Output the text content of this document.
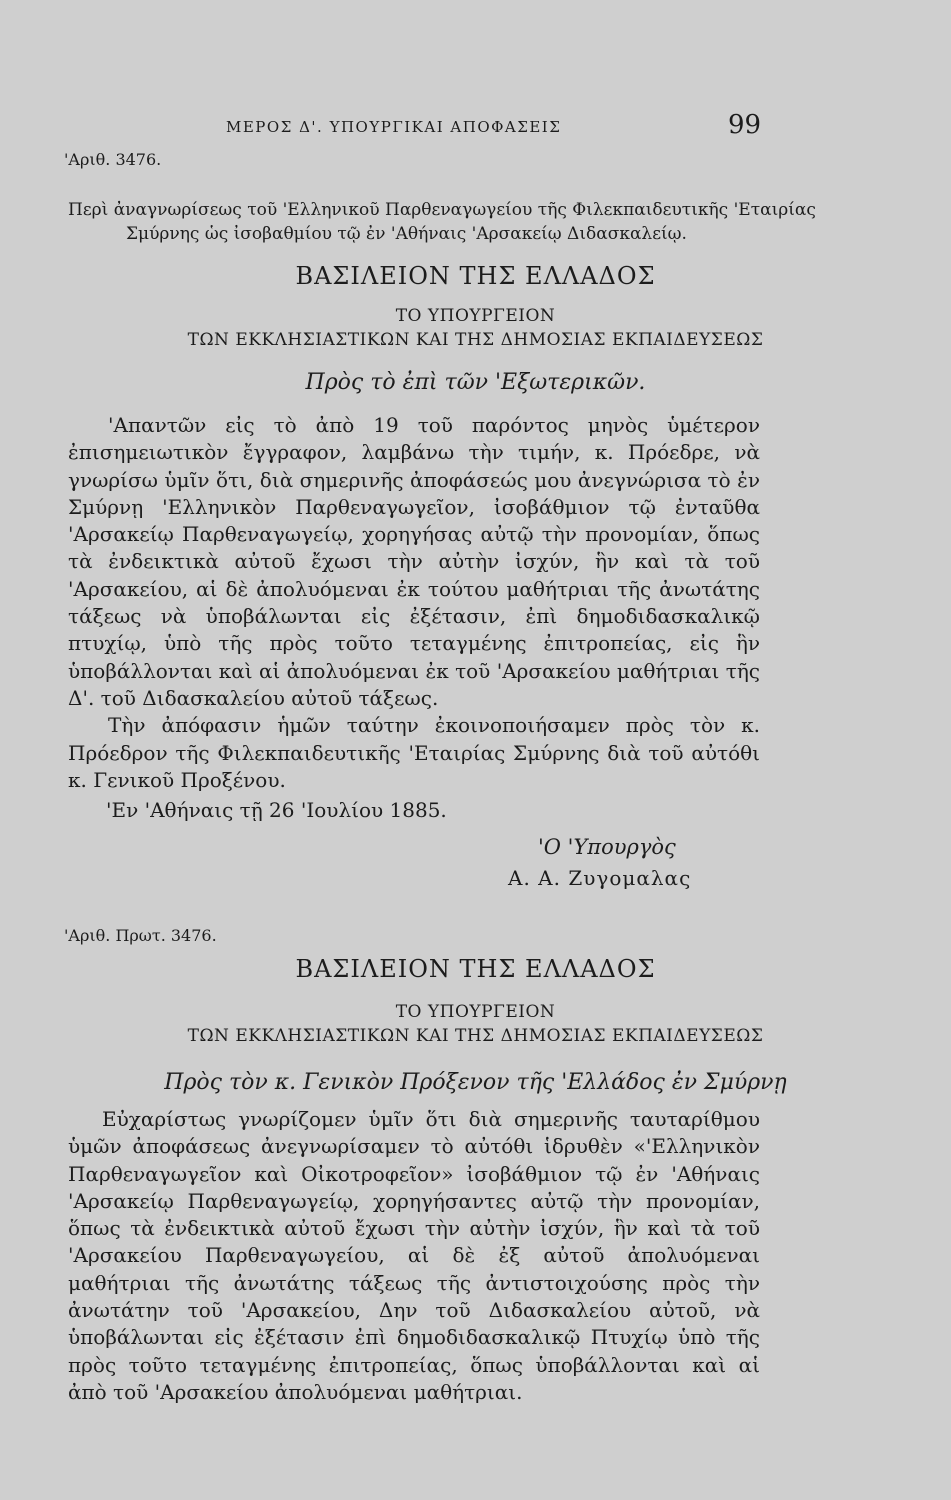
ΜΕΡΟΣ Δ'. ΥΠΟΥΡΓΙΚΑΙ ΑΠΟΦΑΣΕΙΣ	99
'Αριθ. 3476.
Περὶ ἀναγνωρίσεως τοῦ 'Ελληνικοῦ Παρθεναγωγείου τῆς Φιλεκπαιδευτικῆς 'Εταιρίας
Σμύρνης ὡς ἰσοβαθμίου τῷ ἐν 'Αθήναις 'Αρσακείῳ Διδασκαλείῳ.
ΒΑΣΙΛΕΙΟΝ ΤΗΣ ΕΛΛΑΔΟΣ
ΤΟ ΥΠΟΥΡΓΕΙΟΝ
ΤΩΝ ΕΚΚΛΗΣΙΑΣΤΙΚΩΝ ΚΑΙ ΤΗΣ ΔΗΜΟΣΙΑΣ ΕΚΠΑΙΔΕΥΣΕΩΣ
Πρὸς τὸ ἐπὶ τῶν 'Εξωτερικῶν.

'Απαντῶν εἰς τὸ ἀπὸ 19 τοῦ παρόντος μηνὸς ὑμέτερον ἐπισημειωτικὸν ἔγγραφον, λαμβάνω τὴν τιμήν, κ. Πρόεδρε, νὰ γνωρίσω ὑμῖν ὅτι, διὰ σημερινῆς ἀποφάσεώς μου ἀνεγνώρισα τὸ ἐν Σμύρνῃ 'Ελληνικὸν Παρθεναγωγεῖον, ἰσοβάθμιον τῷ ἐνταῦθα 'Αρσακείῳ Παρθεναγωγείῳ, χορηγήσας αὐτῷ τὴν προνομίαν, ὅπως τὰ ἐνδεικτικὰ αὐτοῦ ἔχωσι τὴν αὐτὴν ἰσχύν, ἣν καὶ τὰ τοῦ 'Αρσακείου, αἱ δὲ ἀπολυόμεναι ἐκ τούτου μαθήτριαι τῆς ἀνωτάτης τάξεως νὰ ὑποβάλωνται εἰς ἐξέτασιν, ἐπὶ δημοδιδασκαλικῷ πτυχίῳ, ὑπὸ τῆς πρὸς τοῦτο τεταγμένης ἐπιτροπείας, εἰς ἣν ὑποβάλλονται καὶ αἱ ἀπολυόμεναι ἐκ τοῦ 'Αρσακείου μαθήτριαι τῆς Δ'. τοῦ Διδασκαλείου αὐτοῦ τάξεως.

Τὴν ἀπόφασιν ἡμῶν ταύτην ἐκοινοποιήσαμεν πρὸς τὸν κ. Πρόεδρον τῆς Φιλεκπαιδευτικῆς 'Εταιρίας Σμύρνης διὰ τοῦ αὐτόθι κ. Γενικοῦ Προξένου.

'Εν 'Αθήναις τῇ 26 'Ιουλίου 1885.
'Ο 'Υπουργὸς
Α. Α. Ζυγομαλας
'Αριθ. Πρωτ. 3476.
ΒΑΣΙΛΕΙΟΝ ΤΗΣ ΕΛΛΑΔΟΣ
ΤΟ ΥΠΟΥΡΓΕΙΟΝ
ΤΩΝ ΕΚΚΛΗΣΙΑΣΤΙΚΩΝ ΚΑΙ ΤΗΣ ΔΗΜΟΣΙΑΣ ΕΚΠΑΙΔΕΥΣΕΩΣ
Πρὸς τὸν κ. Γενικὸν Πρόξενον τῆς 'Ελλάδος ἐν Σμύρνῃ

Εὐχαρίστως γνωρίζομεν ὑμῖν ὅτι διὰ σημερινῆς ταυταρίθμου ὑμῶν ἀποφάσεως ἀνεγνωρίσαμεν τὸ αὐτόθι ἱδρυθὲν «'Ελληνικὸν Παρθεναγωγεῖον καὶ Οἰκοτροφεῖον» ἰσοβάθμιον τῷ ἐν 'Αθήναις 'Αρσακείῳ Παρθεναγωγείῳ, χορηγήσαντες αὐτῷ τὴν προνομίαν, ὅπως τὰ ἐνδεικτικὰ αὐτοῦ ἔχωσι τὴν αὐτὴν ἰσχύν, ἣν καὶ τὰ τοῦ 'Αρσακείου Παρθεναγωγείου, αἱ δὲ ἐξ αὐτοῦ ἀπολυόμεναι μαθήτριαι τῆς ἀνωτάτης τάξεως τῆς ἀντιστοιχούσης πρὸς τὴν ἀνωτάτην τοῦ 'Αρσακείου, Δην τοῦ Διδασκαλείου αὐτοῦ, νὰ ὑποβάλωνται εἰς ἐξέτασιν ἐπὶ δημοδιδασκαλικῷ Πτυχίῳ ὑπὸ τῆς πρὸς τοῦτο τεταγμένης ἐπιτροπείας, ὅπως ὑποβάλλονται καὶ αἱ ἀπὸ τοῦ 'Αρσακείου ἀπολυόμεναι μαθήτριαι.
